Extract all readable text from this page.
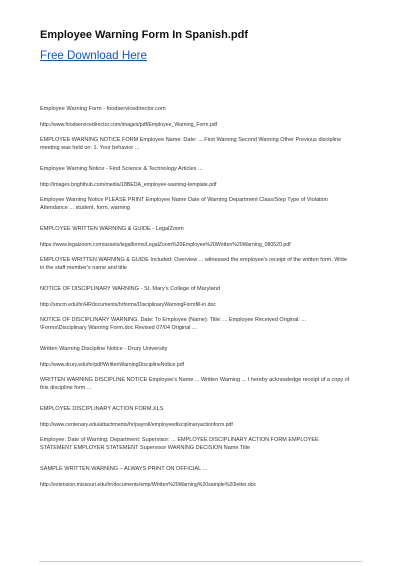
Employee Warning Form In Spanish.pdf
Free Download Here
Employee Warning Form - foodservicedirector.com
http://www.foodservicedirector.com/images/pdf/Employee_Warning_Form.pdf
EMPLOYEE WARNING NOTICE FORM Employee Name: Date: ... First Warning Second Warning Other Previous discipline meeting was held on: 1. Your behavior ...
Employee Warning Notice - Find Science & Technology Articles ...
http://images.brighthub.com/media/18BEDA_employee-warning-template.pdf
Employee Warning Notice PLEASE PRINT Employee Name Date of Warning Department Class/Step Type of Violation Attendance ... student, form, warning
EMPLOYEE WRITTEN WARNING & GUIDE - LegalZoom
https://www.legalzoom.com/assets/legalforms/LegalZoom%20Employee%20Written%20Warning_080520.pdf
EMPLOYEE WRITTEN WARNING & GUIDE Included: Overview ... witnessed the employee's receipt of the written form. Write in the staff member's name and title
NOTICE OF DISCIPLINARY WARNING - St. Mary's College of Maryland
http://smcm.edu/hr/HRdocuments/hrforms/DisciplinaryWarningFormfill-in.doc
NOTICE OF DISCIPLINARY WARNING. Date: To Employee (Name): Title: ... Employee Received Original: ... \Forms\Disciplinary Warning Form.doc Revised 07/04 Original ...
Written Warning Discipline Notice - Drury University
http://www.drury.edu/hr/pdf/WrittenWarningDisciplineNotice.pdf
WRITTEN WARNING DISCIPLINE NOTICE Employee's Name ... Written Warning ... I hereby acknowledge receipt of a copy of this discipline form ...
EMPLOYEE DISCIPLINARY ACTION FORM.XLS
http://www.centenary.edu/attachments/hr/payroll/employeedisciplinaryactionform.pdf
Employee: Date of Warning: Department: Supervisor: ... EMPLOYEE DISCIPLINARY ACTION FORM EMPLOYEE STATEMENT EMPLOYER STATEMENT Supervisor WARNING DECISION Name Title
SAMPLE WRITTEN WARNING – ALWAYS PRINT ON OFFICIAL ...
http://extension.missouri.edu/hr/documents/emp/Written%20Warning%20sample%20letter.doc
